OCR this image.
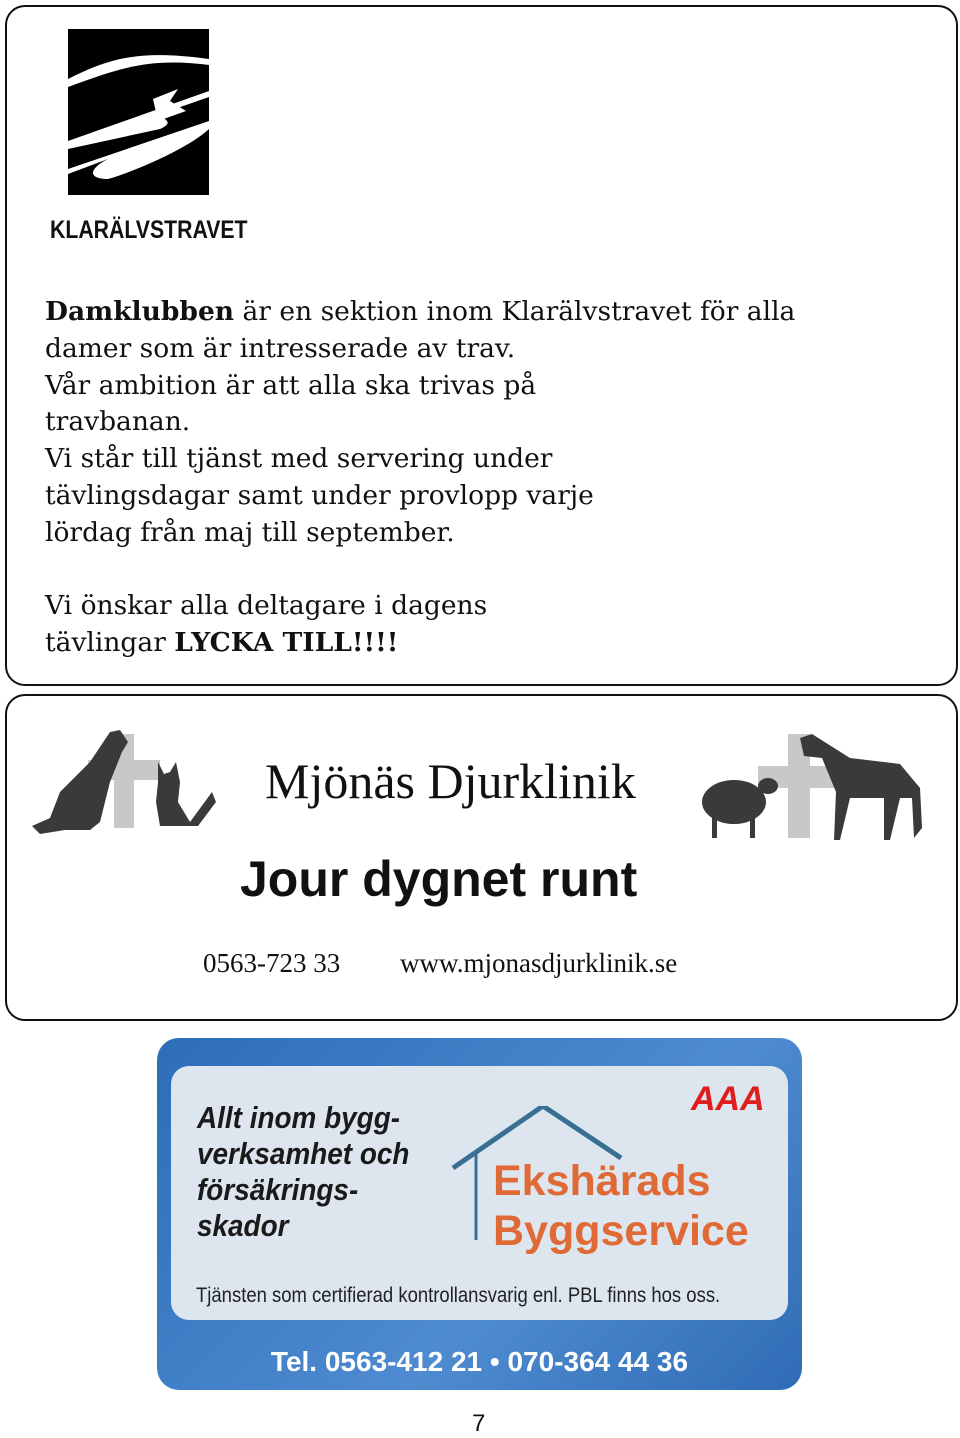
KLARÄLVSTRAVET

Damklubben är en sektion inom Klarälvstravet för alla

damer som är intresserade av trav.

Vår ambition är att alla ska trivas på

travbanan.

Vi står till tjänst med servering under

tävlingsdagar samt under provlopp varje

lördag från maj till september.

Vi önskar alla deltagare i dagens

tävlingar LYCKA TILL!!!!

Mjönäs Djurklinik
Jour dygnet runt
0563-723 33 www.mjonasdjurklinik.se
Allt inom bygg-
verksamhet och
försäkrings-
skador
Ekshärads
Byggservice
AAA
Tjänsten som certifierad kontrollansvarig enl. PBL finns hos oss.
Tel. 0563-412 21 • 070-364 44 36
7
